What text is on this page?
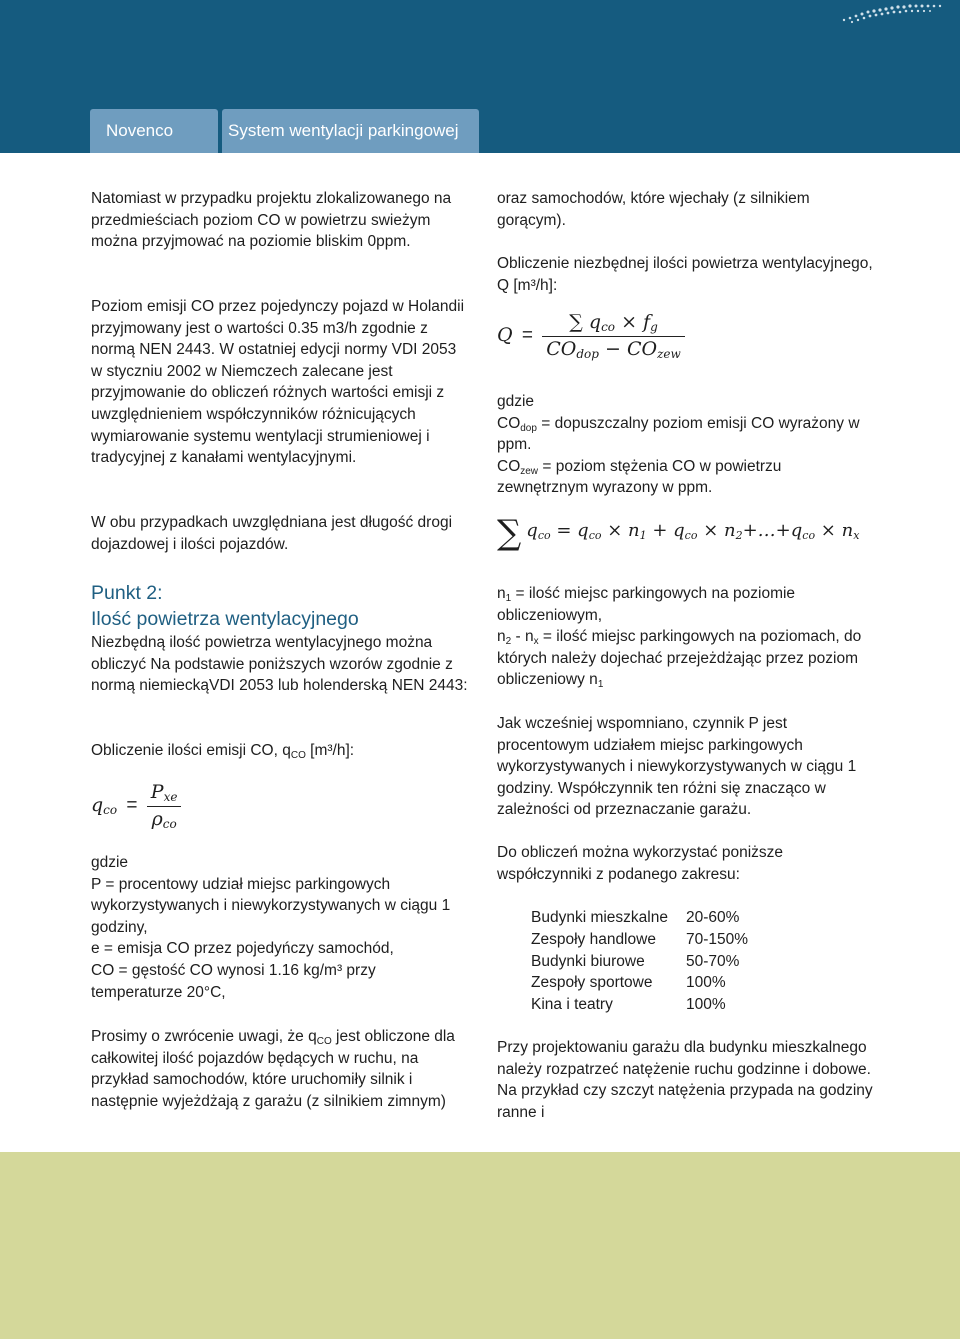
Novenco	System wentylacji parkingowej

Natomiast w przypadku projektu zlokalizowanego na przedmieściach poziom CO w powietrzu swieżym można przyjmować na poziomie bliskim 0ppm.

Poziom emisji CO przez pojedynczy pojazd w Holandii przyjmowany jest o wartości 0.35 m3/h zgodnie z normą NEN 2443. W ostatniej edycji normy VDI 2053 w styczniu 2002 w Niemczech zalecane jest przyjmowanie do obliczeń różnych wartości emisji z uwzględnieniem współczynników różnicujących wymiarowanie systemu wentylacji strumieniowej i tradycyjnej z kanałami wentylacyjnymi.

W obu przypadkach uwzględniana jest długość drogi dojazdowej i ilości pojazdów.

Punkt 2:

Ilość powietrza wentylacyjnego

Niezbędną ilość powietrza wentylacyjnego można obliczyć Na podstawie poniższych wzorów zgodnie z normą niemieckąVDI 2053 lub holenderską NEN 2443:

Obliczenie ilości emisji CO, qCO [m³/h]:

$q_{co} = \frac{P_{xe}}{\rho_{co}}$

gdzie

P = procentowy udział miejsc parkingowych wykorzystywanych i niewykorzystywanych w ciągu 1 godziny,

e = emisja CO przez pojedyńczy samochód,

CO = gęstość CO wynosi 1.16 kg/m³ przy temperaturze 20°C,

Prosimy o zwrócenie uwagi, że qCO jest obliczone dla całkowitej ilość pojazdów będących w ruchu, na przykład samochodów, które uruchomiły silnik i następnie wyjeżdżają z garażu (z silnikiem zimnym)

oraz samochodów, które wjechały (z silnikiem gorącym).

Obliczenie niezbędnej ilości powietrza wentylacyjnego, Q [m³/h]:

$Q = \frac{\sum q_{co} \times f_g}{CO_{dop} - CO_{zew}}$

gdzie

COdop = dopuszczalny poziom emisji CO wyrażony w ppm.

COzew = poziom stężenia CO w powietrzu zewnętrznym wyrazony w ppm.

∑ $q_{co} = q_{co} \times n_1 + q_{co}$ × $n_2+\dots+q_{co} \times n_x$

n1 = ilość miejsc parkingowych na poziomie obliczeniowym,

n2 - nx = ilość miejsc parkingowych na poziomach, do których należy dojechać przejeżdżając przez poziom obliczeniowy n1

Jak wcześniej wspomniano, czynnik P jest procentowym udziałem miejsc parkingowych wykorzystywanych i niewykorzystywanych w ciągu 1 godziny. Współczynnik ten różni się znacząco w zależności od przeznaczanie garażu.

Do obliczeń można wykorzystać poniższe współczynniki z podanego zakresu:

Budynki mieszkalne	20-60%
Zespoły handlowe	70-150%
Budynki biurowe	50-70%
Zespoły sportowe	100%
Kina i teatry	100%

Przy projektowaniu garażu dla budynku mieszkalnego należy rozpatrzeć natężenie ruchu godzinne i dobowe. Na przykład czy szczyt natężenia przypada na godziny ranne i
